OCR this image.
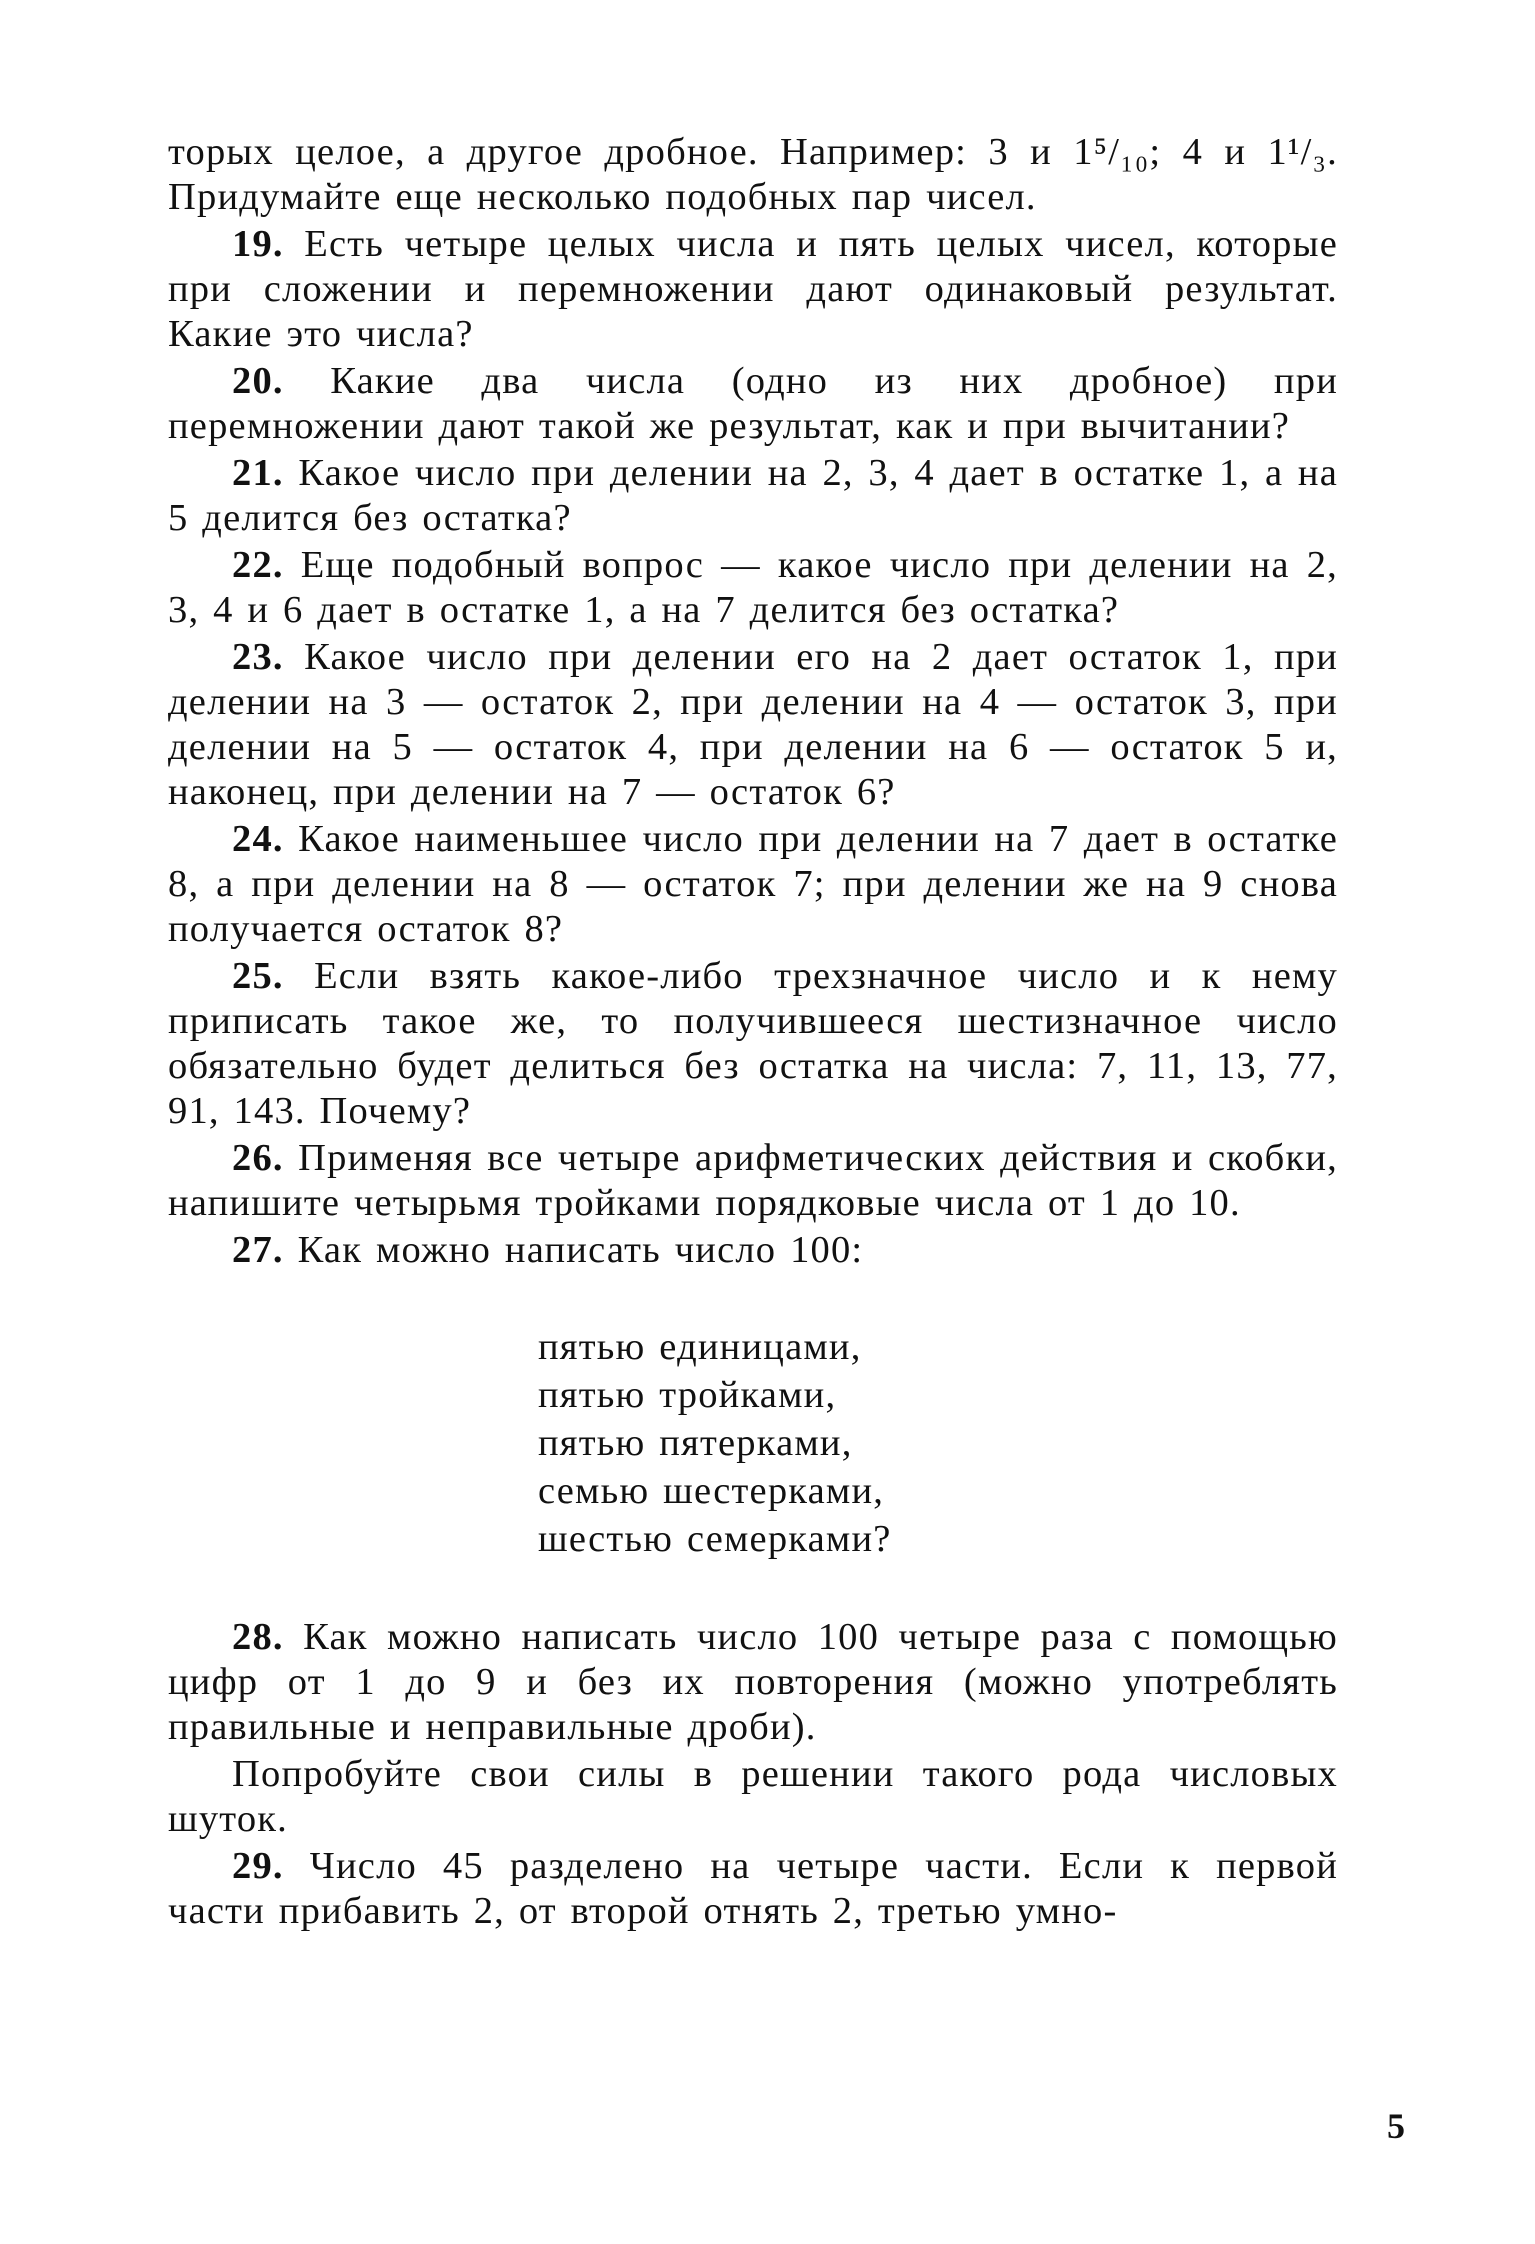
торых целое, а другое дробное. Например: 3 и 1⁵/₁₀; 4 и 1¹/₃. Придумайте еще несколько подобных пар чисел.

19. Есть четыре целых числа и пять целых чисел, которые при сложении и перемножении дают одинаковый результат. Какие это числа?

20. Какие два числа (одно из них дробное) при перемножении дают такой же результат, как и при вычитании?

21. Какое число при делении на 2, 3, 4 дает в остатке 1, а на 5 делится без остатка?

22. Еще подобный вопрос — какое число при делении на 2, 3, 4 и 6 дает в остатке 1, а на 7 делится без остатка?

23. Какое число при делении его на 2 дает остаток 1, при делении на 3 — остаток 2, при делении на 4 — остаток 3, при делении на 5 — остаток 4, при делении на 6 — остаток 5 и, наконец, при делении на 7 — остаток 6?

24. Какое наименьшее число при делении на 7 дает в остатке 8, а при делении на 8 — остаток 7; при делении же на 9 снова получается остаток 8?

25. Если взять какое-либо трехзначное число и к нему приписать такое же, то получившееся шестизначное число обязательно будет делиться без остатка на числа: 7, 11, 13, 77, 91, 143. Почему?

26. Применяя все четыре арифметических действия и скобки, напишите четырьмя тройками порядковые числа от 1 до 10.

27. Как можно написать число 100:

пятью единицами,
пятью тройками,
пятью пятерками,
семью шестерками,
шестью семерками?

28. Как можно написать число 100 четыре раза с помощью цифр от 1 до 9 и без их повторения (можно употреблять правильные и неправильные дроби).

Попробуйте свои силы в решении такого рода числовых шуток.

29. Число 45 разделено на четыре части. Если к первой части прибавить 2, от второй отнять 2, третью умно-

5
